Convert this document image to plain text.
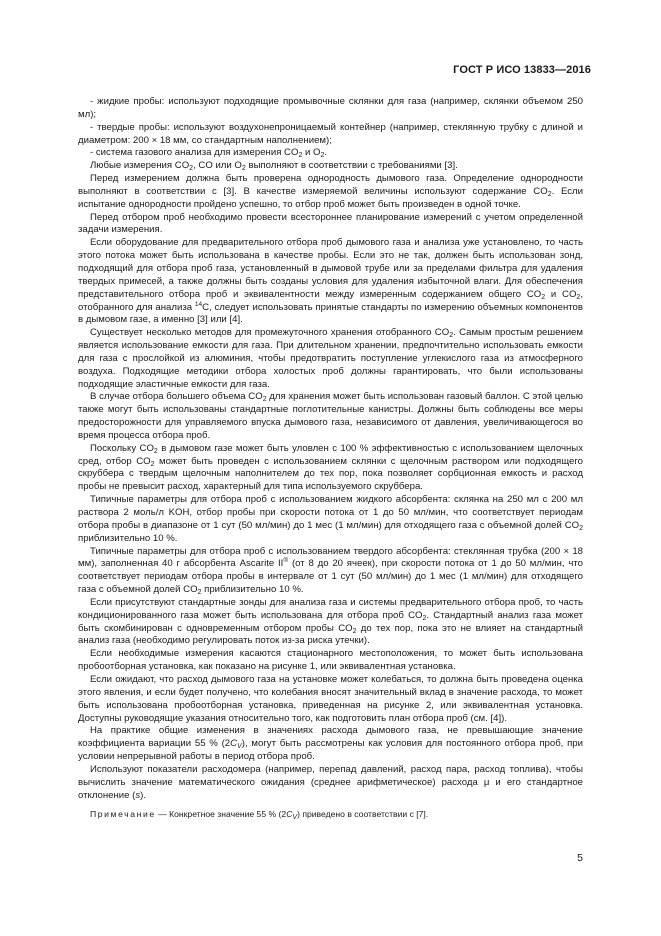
ГОСТ Р ИСО 13833—2016

- жидкие пробы: используют подходящие промывочные склянки для газа (например, склянки объемом 250 мл);

- твердые пробы: используют воздухонепроницаемый контейнер (например, стеклянную трубку с длиной и диаметром: 200 × 18 мм, со стандартным наполнением);

- система газового анализа для измерения $CO_2$ и $O_2$.

Любые измерения $CO_2$, CO или $O_2$ выполняют в соответствии с требованиями [3].

Перед измерением должна быть проверена однородность дымового газа. Определение однородности выполняют в соответствии с [3]. В качестве измеряемой величины используют содержание $CO_2$. Если испытание однородности пройдено успешно, то отбор проб может быть произведен в одной точке.

Перед отбором проб необходимо провести всестороннее планирование измерений с учетом определенной задачи измерения.

Если оборудование для предварительного отбора проб дымового газа и анализа уже установлено, то часть этого потока может быть использована в качестве пробы. Если это не так, должен быть использован зонд, подходящий для отбора проб газа, установленный в дымовой трубе или за пределами фильтра для удаления твердых примесей, а также должны быть созданы условия для удаления избыточной влаги. Для обеспечения представительного отбора проб и эквивалентности между измеренным содержанием общего $CO_2$ и $CO_2$, отобранного для анализа $^{14}$C, следует использовать принятые стандарты по измерению объемных компонентов в дымовом газе, а именно [3] или [4].

Существует несколько методов для промежуточного хранения отобранного $CO_2$. Самым простым решением является использование емкости для газа. При длительном хранении, предпочтительно использовать емкости для газа с прослойкой из алюминия, чтобы предотвратить поступление углекислого газа из атмосферного воздуха. Подходящие методики отбора холостых проб должны гарантировать, что были использованы подходящие эластичные емкости для газа.

В случае отбора большего объема $CO_2$ для хранения может быть использован газовый баллон. С этой целью также могут быть использованы стандартные поглотительные канистры. Должны быть соблюдены все меры предосторожности для управляемого впуска дымового газа, независимого от давления, увеличивающегося во время процесса отбора проб.

Поскольку $CO_2$ в дымовом газе может быть уловлен с 100 % эффективностью с использованием щелочных сред, отбор $CO_2$ может быть проведен с использованием склянки с щелочным раствором или подходящего скруббера с твердым щелочным наполнителем до тех пор, пока позволяет сорбционная емкость и расход пробы не превысит расход, характерный для типа используемого скруббера.

Типичные параметры для отбора проб с использованием жидкого абсорбента: склянка на 250 мл с 200 мл раствора 2 моль/л KOH, отбор пробы при скорости потока от 1 до 50 мл/мин, что соответствует периодам отбора пробы в диапазоне от 1 сут (50 мл/мин) до 1 мес (1 мл/мин) для отходящего газа с объемной долей $CO_2$ приблизительно 10 %.

Типичные параметры для отбора проб с использованием твердого абсорбента: стеклянная трубка (200 × 18 мм), заполненная 40 г абсорбента Ascarite II® (от 8 до 20 ячеек), при скорости потока от 1 до 50 мл/мин, что соответствует периодам отбора пробы в интервале от 1 сут (50 мл/мин) до 1 мес (1 мл/мин) для отходящего газа с объемной долей $CO_2$ приблизительно 10 %.

Если присутствуют стандартные зонды для анализа газа и системы предварительного отбора проб, то часть кондиционированного газа может быть использована для отбора проб $CO_2$. Стандартный анализ газа может быть скомбинирован с одновременным отбором пробы $CO_2$ до тех пор, пока это не влияет на стандартный анализ газа (необходимо регулировать поток из-за риска утечки).

Если необходимые измерения касаются стационарного местоположения, то может быть использована пробоотборная установка, как показано на рисунке 1, или эквивалентная установка.

Если ожидают, что расход дымового газа на установке может колебаться, то должна быть проведена оценка этого явления, и если будет получено, что колебания вносят значительный вклад в значение расхода, то может быть использована пробоотборная установка, приведенная на рисунке 2, или эквивалентная установка. Доступны руководящие указания относительно того, как подготовить план отбора проб (см. [4]).

На практике общие изменения в значениях расхода дымового газа, не превышающие значение коэффициента вариации 55 % $(2C_V)$, могут быть рассмотрены как условия для постоянного отбора проб, при условии непрерывной работы в период отбора проб.

Используют показатели расходомера (например, перепад давлений, расход пара, расход топлива), чтобы вычислить значение математического ожидания (среднее арифметическое) расхода μ и его стандартное отклонение (s).

Примечание — Конкретное значение 55 % $(2C_V)$ приведено в соответствии с [7].

5
